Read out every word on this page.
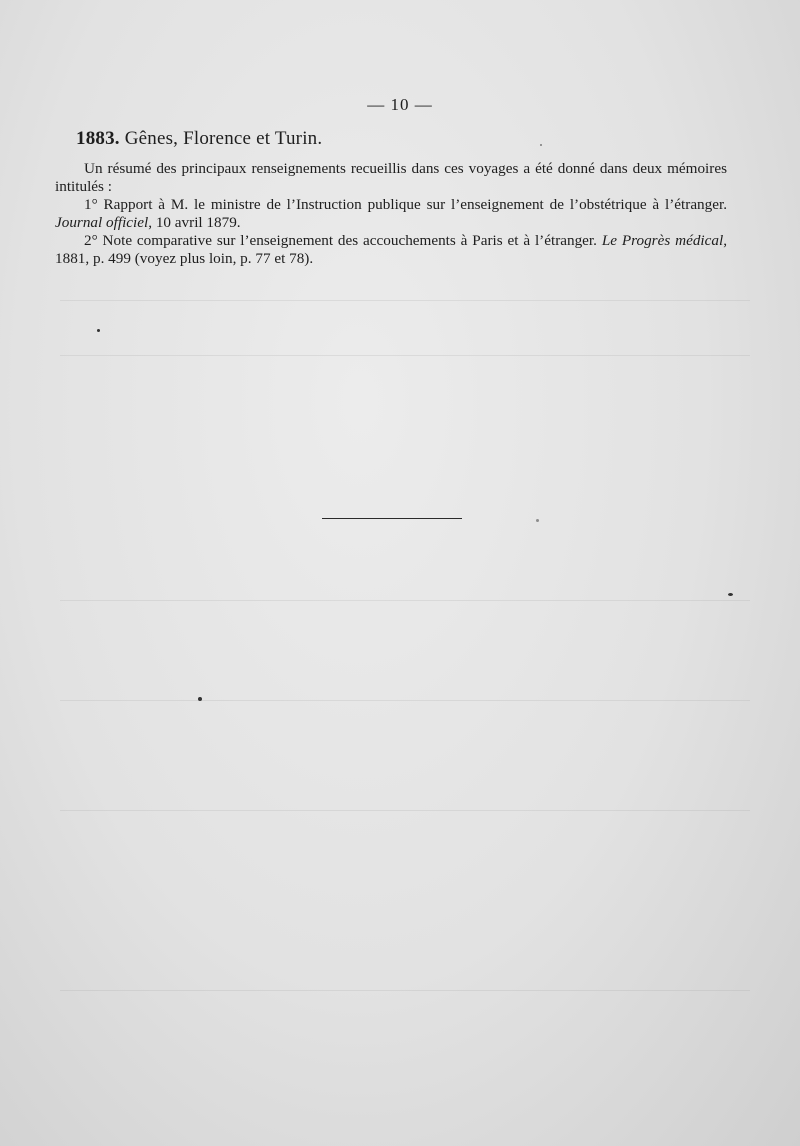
— 10 —
1883. Gênes, Florence et Turin.

Un résumé des principaux renseignements recueillis dans ces voyages a été donné dans deux mémoires intitulés :

1° Rapport à M. le ministre de l’Instruction publique sur l’enseignement de l’obstétrique à l’étranger. Journal officiel, 10 avril 1879.

2° Note comparative sur l’enseignement des accouchements à Paris et à l’étranger. Le Progrès médical, 1881, p. 499 (voyez plus loin, p. 77 et 78).
